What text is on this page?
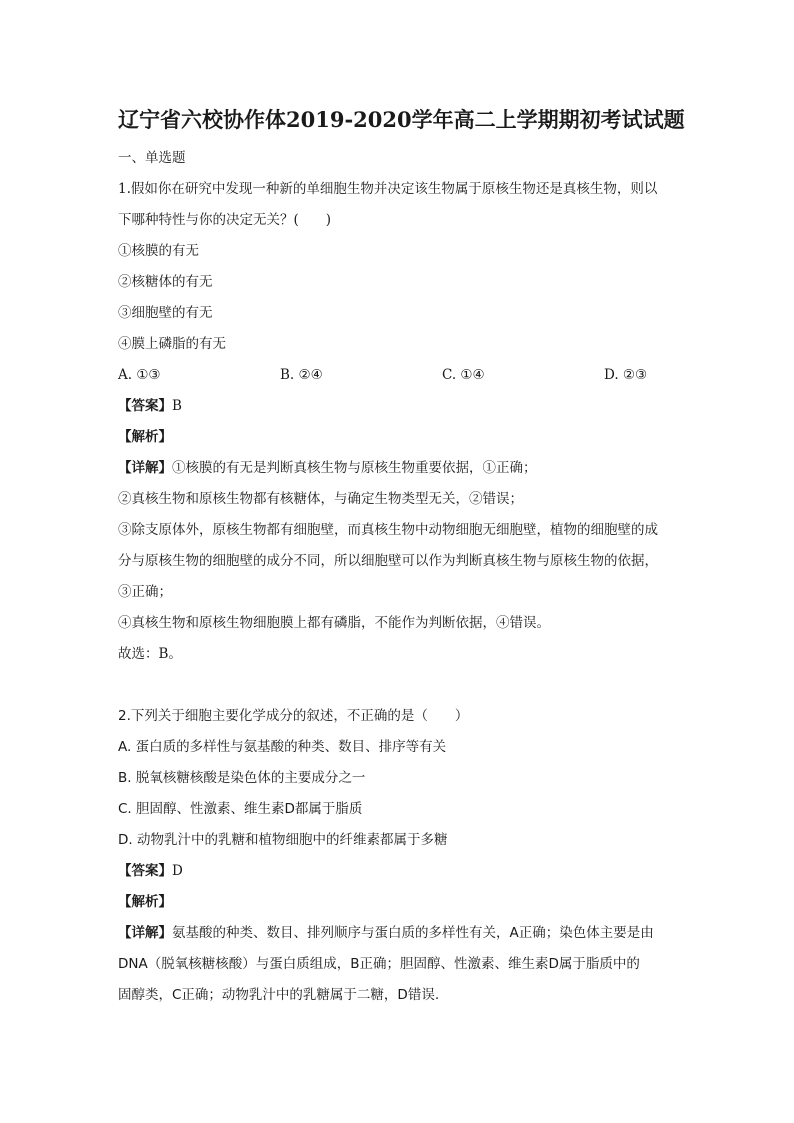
辽宁省六校协作体2019-2020学年高二上学期期初考试试题
一、单选题
1.假如你在研究中发现一种新的单细胞生物并决定该生物属于原核生物还是真核生物，则以
下哪种特性与你的决定无关？(　　)
①核膜的有无
②核糖体的有无
③细胞壁的有无
④膜上磷脂的有无
A. ①③	B. ②④	C. ①④	D. ②③
【答案】B
【解析】
【详解】①核膜的有无是判断真核生物与原核生物重要依据，①正确；
②真核生物和原核生物都有核糖体，与确定生物类型无关，②错误；
③除支原体外，原核生物都有细胞壁，而真核生物中动物细胞无细胞壁，植物的细胞壁的成
分与原核生物的细胞壁的成分不同，所以细胞壁可以作为判断真核生物与原核生物的依据，
③正确；
④真核生物和原核生物细胞膜上都有磷脂，不能作为判断依据，④错误。
故选：B。
2.下列关于细胞主要化学成分的叙述，不正确的是（　　）
A. 蛋白质的多样性与氨基酸的种类、数目、排序等有关
B. 脱氧核糖核酸是染色体的主要成分之一
C. 胆固醇、性激素、维生素D都属于脂质
D. 动物乳汁中的乳糖和植物细胞中的纤维素都属于多糖
【答案】D
【解析】
【详解】氨基酸的种类、数目、排列顺序与蛋白质的多样性有关，A正确；染色体主要是由
DNA（脱氧核糖核酸）与蛋白质组成，B正确；胆固醇、性激素、维生素D属于脂质中的
固醇类，C正确；动物乳汁中的乳糖属于二糖，D错误.
